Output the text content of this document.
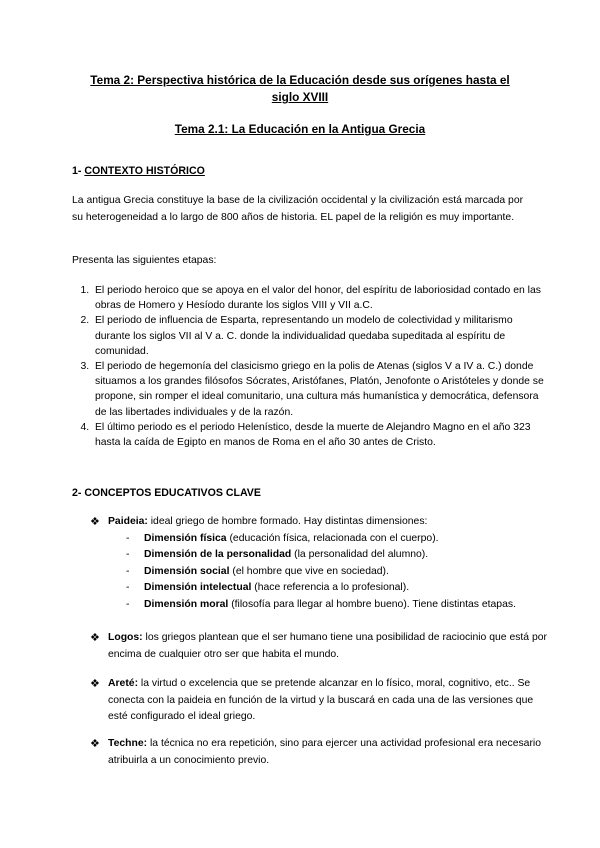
Tema 2: Perspectiva histórica de la Educación desde sus orígenes hasta el siglo XVIII
Tema 2.1: La Educación en la Antigua Grecia
1- CONTEXTO HISTÓRICO
La antigua Grecia constituye la base de la civilización occidental y la civilización está marcada por su heterogeneidad a lo largo de 800 años de historia. EL papel de la religión es muy importante.
Presenta las siguientes etapas:
1. El periodo heroico que se apoya en el valor del honor, del espíritu de laboriosidad contado en las obras de Homero y Hesíodo durante los siglos VIII y VII a.C.
2. El periodo de influencia de Esparta, representando un modelo de colectividad y militarismo durante los siglos VII al V a. C. donde la individualidad quedaba supeditada al espíritu de comunidad.
3. El periodo de hegemonía del clasicismo griego en la polis de Atenas (siglos V a IV a. C.) donde situamos a los grandes filósofos Sócrates, Aristófanes, Platón, Jenofonte o Aristóteles y donde se propone, sin romper el ideal comunitario, una cultura más humanística y democrática, defensora de las libertades individuales y de la razón.
4. El último periodo es el periodo Helenístico, desde la muerte de Alejandro Magno en el año 323 hasta la caída de Egipto en manos de Roma en el año 30 antes de Cristo.
2- CONCEPTOS EDUCATIVOS CLAVE
❖ Paideia: ideal griego de hombre formado. Hay distintas dimensiones:
- Dimensión física (educación física, relacionada con el cuerpo).
- Dimensión de la personalidad (la personalidad del alumno).
- Dimensión social (el hombre que vive en sociedad).
- Dimensión intelectual (hace referencia a lo profesional).
- Dimensión moral (filosofía para llegar al hombre bueno). Tiene distintas etapas.
❖ Logos: los griegos plantean que el ser humano tiene una posibilidad de raciocinio que está por encima de cualquier otro ser que habita el mundo.
❖ Areté: la virtud o excelencia que se pretende alcanzar en lo físico, moral, cognitivo, etc.. Se conecta con la paideia en función de la virtud y la buscará en cada una de las versiones que esté configurado el ideal griego.
❖ Techne: la técnica no era repetición, sino para ejercer una actividad profesional era necesario atribuirla a un conocimiento previo.
